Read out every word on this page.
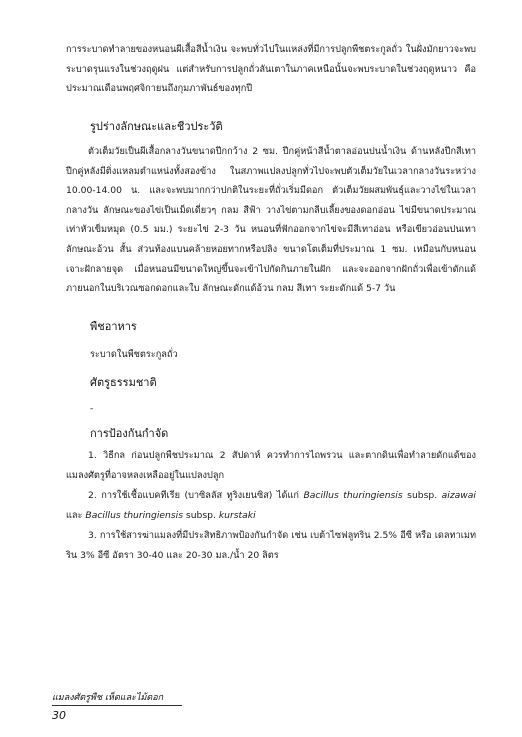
การระบาดทำลายของหนอนผีเสื้อสีน้ำเงิน จะพบทั่วไปในแหล่งที่มีการปลูกพืชตระกูลถั่ว ในฝั่งมักยาวจะพบระบาดรุนแรงในช่วงฤดูฝน แต่สำหรับการปลูกถั่วลันเตาในภาคเหนือนั้นจะพบระบาดในช่วงฤดูหนาว คือ ประมาณเดือนพฤศจิกายนถึงกุมภาพันธ์ของทุกปี

รูปร่างลักษณะและชีวประวัติ

ตัวเต็มวัยเป็นผีเสื้อกลางวันขนาดปีกกว้าง 2 ซม. ปีกคู่หน้าสีน้ำตาลอ่อนปนน้ำเงิน ด้านหลังปีกสีเทา ปีกคู่หลังมีติ่งแหลมตำแหน่งทั้งสองข้าง ในสภาพแปลงปลูกทั่วไปจะพบตัวเต็มวัยในเวลากลางวันระหว่าง 10.00-14.00 น. และจะพบมากกว่าปกติในระยะที่ถั่วเริ่มมีดอก ตัวเต็มวัยผสมพันธุ์และวางไข่ในเวลากลางวัน ลักษณะของไข่เป็นเม็ดเดี่ยวๆ กลม สีฟ้า วางไข่ตามกลีบเลี้ยงของดอกอ่อน ไข่มีขนาดประมาณเท่าหัวเข็มหมุด (0.5 มม.) ระยะไข่ 2-3 วัน หนอนที่ฟักออกจากไข่จะมีสีเทาอ่อน หรือเขียวอ่อนปนเทา ลักษณะอ้วน สั้น ส่วนท้องแบนคล้ายหอยทากหรือปลิง ขนาดโตเต็มที่ประมาณ 1 ซม. เหมือนกับหนอนเจาะฝักลายจุด เมื่อหนอนมีขนาดใหญ่ขึ้นจะเข้าไปกัดกินภายในฝัก และจะออกจากฝักถั่วเพื่อเข้าดักแด้ภายนอกในบริเวณซอกดอกและใบ ลักษณะดักแด้อ้วน กลม สีเทา ระยะดักแด้ 5-7 วัน

พืชอาหาร

ระบาดในพืชตระกูลถั่ว

ศัตรูธรรมชาติ

-

การป้องกันกำจัด

1. วิธีกล ก่อนปลูกพืชประมาณ 2 สัปดาห์ ควรทำการไถพรวน และตากดินเพื่อทำลายดักแด้ของแมลงศัตรูที่อาจหลงเหลืออยู่ในแปลงปลูก

2. การใช้เชื้อแบคทีเรีย (บาซิลลัส ทูริงเยนซิส) ได้แก่ Bacillus thuringiensis subsp. aizawai และ Bacillus thuringiensis subsp. kurstaki

3. การใช้สารฆ่าแมลงที่มีประสิทธิภาพป้องกันกำจัด เช่น เบต้าไซฟลูทริน 2.5% อีซี หรือ เดลทาเมทริน 3% อีซี อัตรา 30-40 และ 20-30 มล./น้ำ 20 ลิตร

แมลงศัตรูพืช เห็ดและไม้ดอก
30
